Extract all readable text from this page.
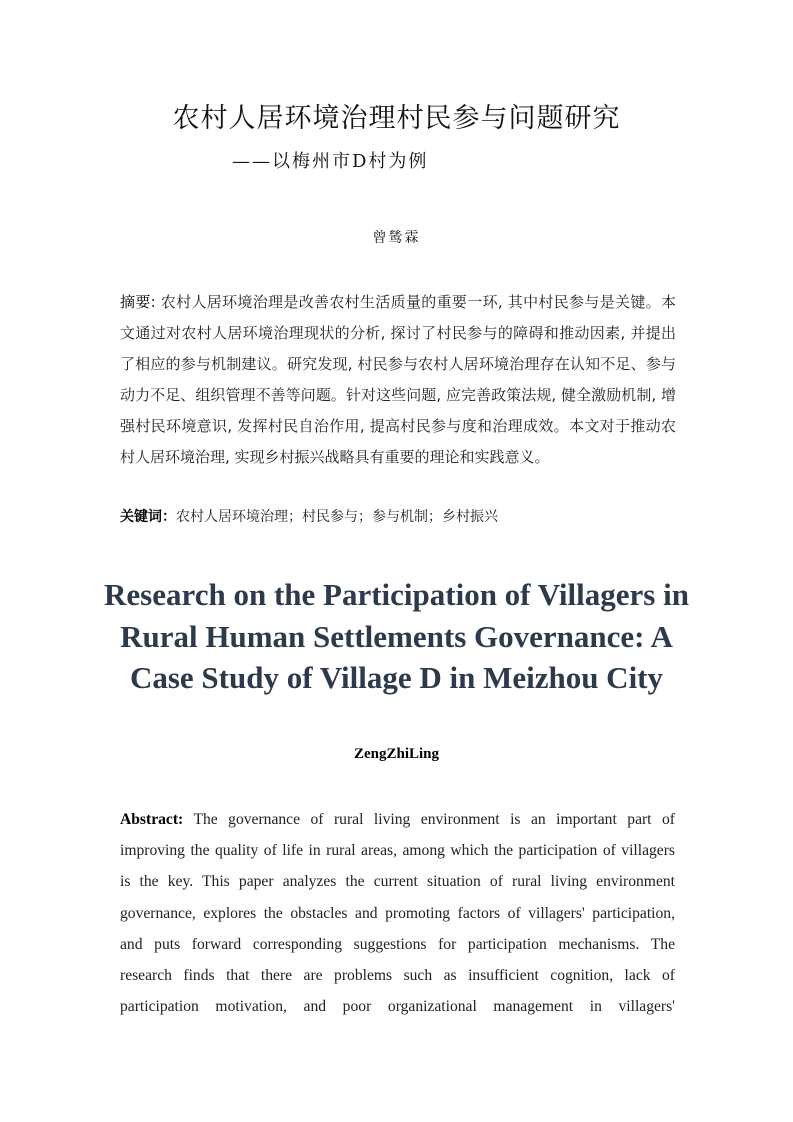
农村人居环境治理村民参与问题研究
——以梅州市D村为例
曾鸶霖

摘要: 农村人居环境治理是改善农村生活质量的重要一环, 其中村民参与是关键。本文通过对农村人居环境治理现状的分析, 探讨了村民参与的障碍和推动因素, 并提出了相应的参与机制建议。研究发现, 村民参与农村人居环境治理存在认知不足、参与动力不足、组织管理不善等问题。针对这些问题, 应完善政策法规, 健全激励机制, 增强村民环境意识, 发挥村民自治作用, 提高村民参与度和治理成效。本文对于推动农村人居环境治理, 实现乡村振兴战略具有重要的理论和实践意义。

关键词：农村人居环境治理；村民参与；参与机制；乡村振兴

Research on the Participation of Villagers in Rural Human Settlements Governance: A Case Study of Village D in Meizhou City
ZengZhiLing
Abstract: The governance of rural living environment is an important part of
improving the quality of life in rural areas, among which the participation of villagers
is the key. This paper analyzes the current situation of rural living environment
governance, explores the obstacles and promoting factors of villagers' participation,
and puts forward corresponding suggestions for participation mechanisms. The
research finds that there are problems such as insufficient cognition, lack of
participation motivation, and poor organizational management in villagers'
